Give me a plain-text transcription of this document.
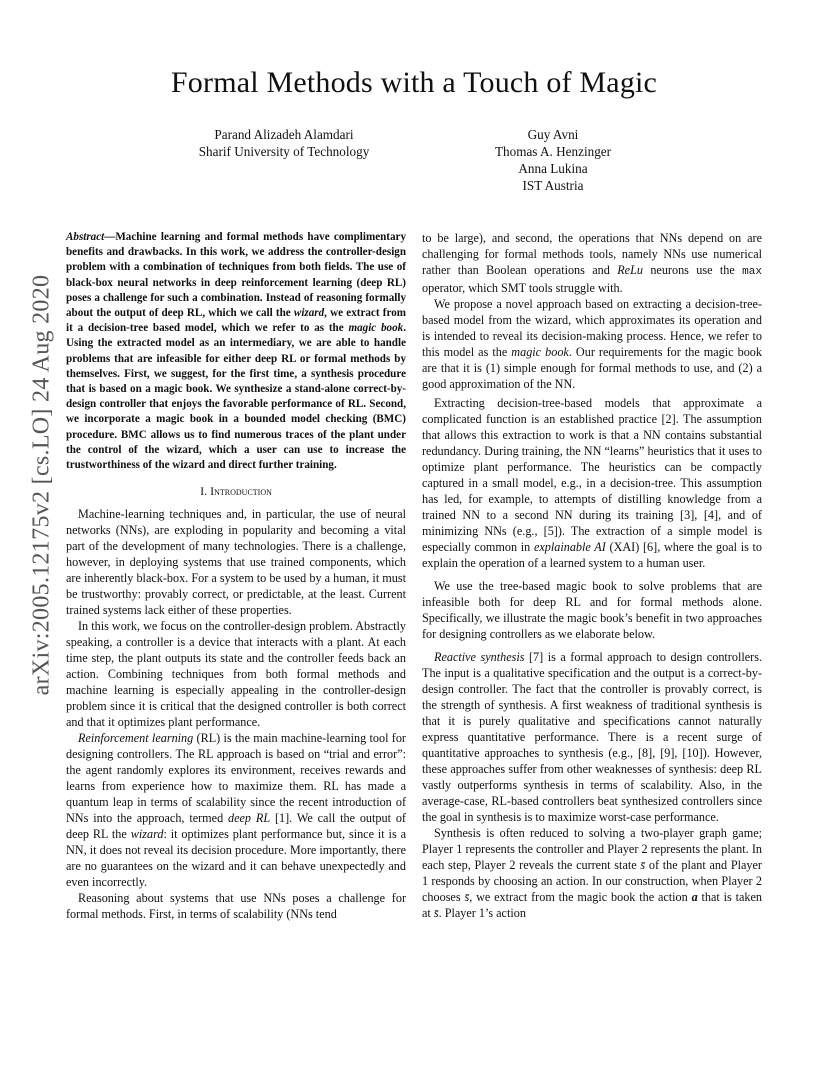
Formal Methods with a Touch of Magic
Parand Alizadeh Alamdari
Sharif University of Technology
Guy Avni
Thomas A. Henzinger
Anna Lukina
IST Austria
arXiv:2005.12175v2 [cs.LO] 24 Aug 2020
Abstract—Machine learning and formal methods have complimentary benefits and drawbacks. In this work, we address the controller-design problem with a combination of techniques from both fields. The use of black-box neural networks in deep reinforcement learning (deep RL) poses a challenge for such a combination. Instead of reasoning formally about the output of deep RL, which we call the wizard, we extract from it a decision-tree based model, which we refer to as the magic book. Using the extracted model as an intermediary, we are able to handle problems that are infeasible for either deep RL or formal methods by themselves. First, we suggest, for the first time, a synthesis procedure that is based on a magic book. We synthesize a stand-alone correct-by-design controller that enjoys the favorable performance of RL. Second, we incorporate a magic book in a bounded model checking (BMC) procedure. BMC allows us to find numerous traces of the plant under the control of the wizard, which a user can use to increase the trustworthiness of the wizard and direct further training.
I. Introduction

Machine-learning techniques and, in particular, the use of neural networks (NNs), are exploding in popularity and becoming a vital part of the development of many technologies. There is a challenge, however, in deploying systems that use trained components, which are inherently black-box. For a system to be used by a human, it must be trustworthy: provably correct, or predictable, at the least. Current trained systems lack either of these properties.

In this work, we focus on the controller-design problem. Abstractly speaking, a controller is a device that interacts with a plant. At each time step, the plant outputs its state and the controller feeds back an action. Combining techniques from both formal methods and machine learning is especially appealing in the controller-design problem since it is critical that the designed controller is both correct and that it optimizes plant performance.

Reinforcement learning (RL) is the main machine-learning tool for designing controllers. The RL approach is based on “trial and error”: the agent randomly explores its environment, receives rewards and learns from experience how to maximize them. RL has made a quantum leap in terms of scalability since the recent introduction of NNs into the approach, termed deep RL [1]. We call the output of deep RL the wizard: it optimizes plant performance but, since it is a NN, it does not reveal its decision procedure. More importantly, there are no guarantees on the wizard and it can behave unexpectedly and even incorrectly.

Reasoning about systems that use NNs poses a challenge for formal methods. First, in terms of scalability (NNs tend

to be large), and second, the operations that NNs depend on are challenging for formal methods tools, namely NNs use numerical rather than Boolean operations and ReLu neurons use the max operator, which SMT tools struggle with.

We propose a novel approach based on extracting a decision-tree-based model from the wizard, which approximates its operation and is intended to reveal its decision-making process. Hence, we refer to this model as the magic book. Our requirements for the magic book are that it is (1) simple enough for formal methods to use, and (2) a good approximation of the NN.

Extracting decision-tree-based models that approximate a complicated function is an established practice [2]. The assumption that allows this extraction to work is that a NN contains substantial redundancy. During training, the NN “learns” heuristics that it uses to optimize plant performance. The heuristics can be compactly captured in a small model, e.g., in a decision-tree. This assumption has led, for example, to attempts of distilling knowledge from a trained NN to a second NN during its training [3], [4], and of minimizing NNs (e.g., [5]). The extraction of a simple model is especially common in explainable AI (XAI) [6], where the goal is to explain the operation of a learned system to a human user.

We use the tree-based magic book to solve problems that are infeasible both for deep RL and for formal methods alone. Specifically, we illustrate the magic book’s benefit in two approaches for designing controllers as we elaborate below.

Reactive synthesis [7] is a formal approach to design controllers. The input is a qualitative specification and the output is a correct-by-design controller. The fact that the controller is provably correct, is the strength of synthesis. A first weakness of traditional synthesis is that it is purely qualitative and specifications cannot naturally express quantitative performance. There is a recent surge of quantitative approaches to synthesis (e.g., [8], [9], [10]). However, these approaches suffer from other weaknesses of synthesis: deep RL vastly outperforms synthesis in terms of scalability. Also, in the average-case, RL-based controllers beat synthesized controllers since the goal in synthesis is to maximize worst-case performance.

Synthesis is often reduced to solving a two-player graph game; Player 1 represents the controller and Player 2 represents the plant. In each step, Player 2 reveals the current state s̄ of the plant and Player 1 responds by choosing an action. In our construction, when Player 2 chooses s̄, we extract from the magic book the action a that is taken at s̄. Player 1’s action
